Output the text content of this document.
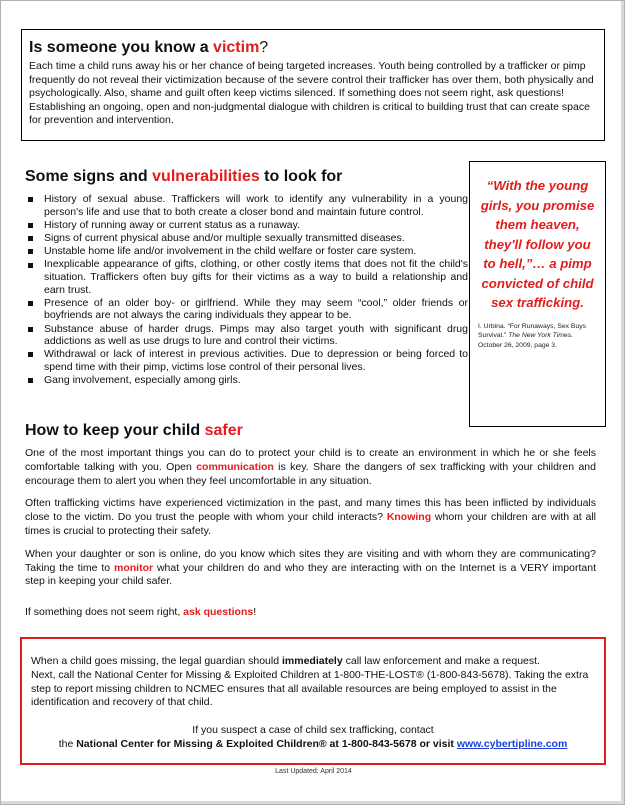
Is someone you know a victim?

Each time a child runs away his or her chance of being targeted increases. Youth being controlled by a trafficker or pimp frequently do not reveal their victimization because of the severe control their trafficker has over them, both physically and psychologically. Also, shame and guilt often keep victims silenced. If something does not seem right, ask questions! Establishing an ongoing, open and non-judgmental dialogue with children is critical to building trust that can create space for prevention and intervention.

Some signs and vulnerabilities to look for
History of sexual abuse. Traffickers will work to identify any vulnerability in a young person's life and use that to both create a closer bond and maintain future control.
History of running away or current status as a runaway.
Signs of current physical abuse and/or multiple sexually transmitted diseases.
Unstable home life and/or involvement in the child welfare or foster care system.
Inexplicable appearance of gifts, clothing, or other costly items that does not fit the child's situation. Traffickers often buy gifts for their victims as a way to build a relationship and earn trust.
Presence of an older boy- or girlfriend. While they may seem “cool,” older friends or boyfriends are not always the caring individuals they appear to be.
Substance abuse of harder drugs. Pimps may also target youth with significant drug addictions as well as use drugs to lure and control their victims.
Withdrawal or lack of interest in previous activities. Due to depression or being forced to spend time with their pimp, victims lose control of their personal lives.
Gang involvement, especially among girls.
“With the young girls, you promise them heaven, they'll follow you to hell,”… a pimp convicted of child sex trafficking.
I. Urbina. “For Runaways, Sex Buys Survival.” The New York Times. October 26, 2009, page 3.
How to keep your child safer

One of the most important things you can do to protect your child is to create an environment in which he or she feels comfortable talking with you. Open communication is key. Share the dangers of sex trafficking with your children and encourage them to alert you when they feel uncomfortable in any situation.

Often trafficking victims have experienced victimization in the past, and many times this has been inflicted by individuals close to the victim. Do you trust the people with whom your child interacts? Knowing whom your children are with at all times is crucial to protecting their safety.

When your daughter or son is online, do you know which sites they are visiting and with whom they are communicating? Taking the time to monitor what your children do and who they are interacting with on the Internet is a VERY important step in keeping your child safer.

If something does not seem right, ask questions!

When a child goes missing, the legal guardian should immediately call law enforcement and make a request.

Next, call the National Center for Missing & Exploited Children at 1-800-THE-LOST® (1-800-843-5678). Taking the extra step to report missing children to NCMEC ensures that all available resources are being employed to assist in the identification and recovery of that child.

If you suspect a case of child sex trafficking, contact
the National Center for Missing & Exploited Children® at 1-800-843-5678 or visit www.cybertipline.com

Last Updated: April 2014
